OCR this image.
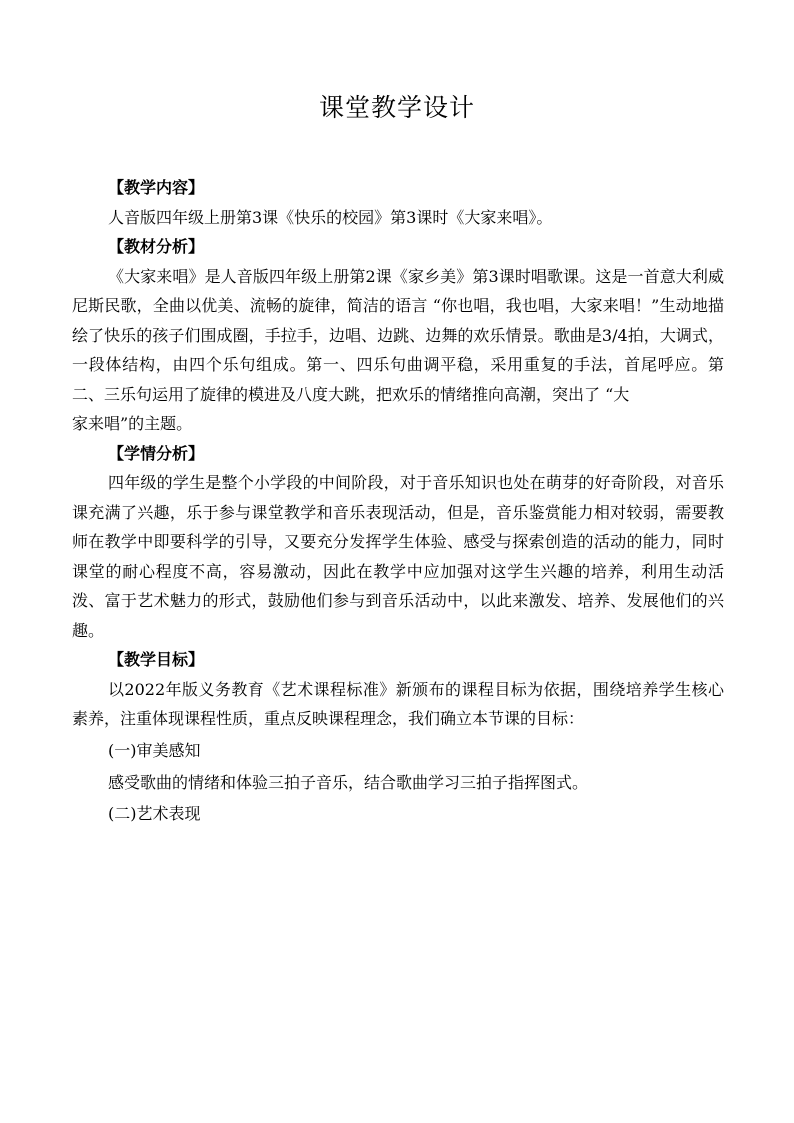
课堂教学设计
【教学内容】

人音版四年级上册第3课《快乐的校园》第3课时《大家来唱》。

【教材分析】

《大家来唱》是人音版四年级上册第2课《家乡美》第3课时唱歌课。这是一首意大利威尼斯民歌，全曲以优美、流畅的旋律，简洁的语言 “你也唱，我也唱，大家来唱！”生动地描绘了快乐的孩子们围成圈，手拉手，边唱、边跳、边舞的欢乐情景。歌曲是3/4拍，大调式，一段体结构，由四个乐句组成。第一、四乐句曲调平稳，采用重复的手法，首尾呼应。第二、三乐句运用了旋律的模进及八度大跳，把欢乐的情绪推向高潮，突出了 “大

家来唱”的主题。
【学情分析】

四年级的学生是整个小学段的中间阶段，对于音乐知识也处在萌芽的好奇阶段，对音乐课充满了兴趣，乐于参与课堂教学和音乐表现活动，但是，音乐鉴赏能力相对较弱，需要教师在教学中即要科学的引导，又要充分发挥学生体验、感受与探索创造的活动的能力，同时课堂的耐心程度不高，容易激动，因此在教学中应加强对这学生兴趣的培养，利用生动活泼、富于艺术魅力的形式，鼓励他们参与到音乐活动中，以此来激发、培养、发展他们的兴趣。

【教学目标】

以2022年版义务教育《艺术课程标准》新颁布的课程目标为依据，围绕培养学生核心素养，注重体现课程性质，重点反映课程理念，我们确立本节课的目标：

(一)审美感知

感受歌曲的情绪和体验三拍子音乐，结合歌曲学习三拍子指挥图式。

(二)艺术表现
